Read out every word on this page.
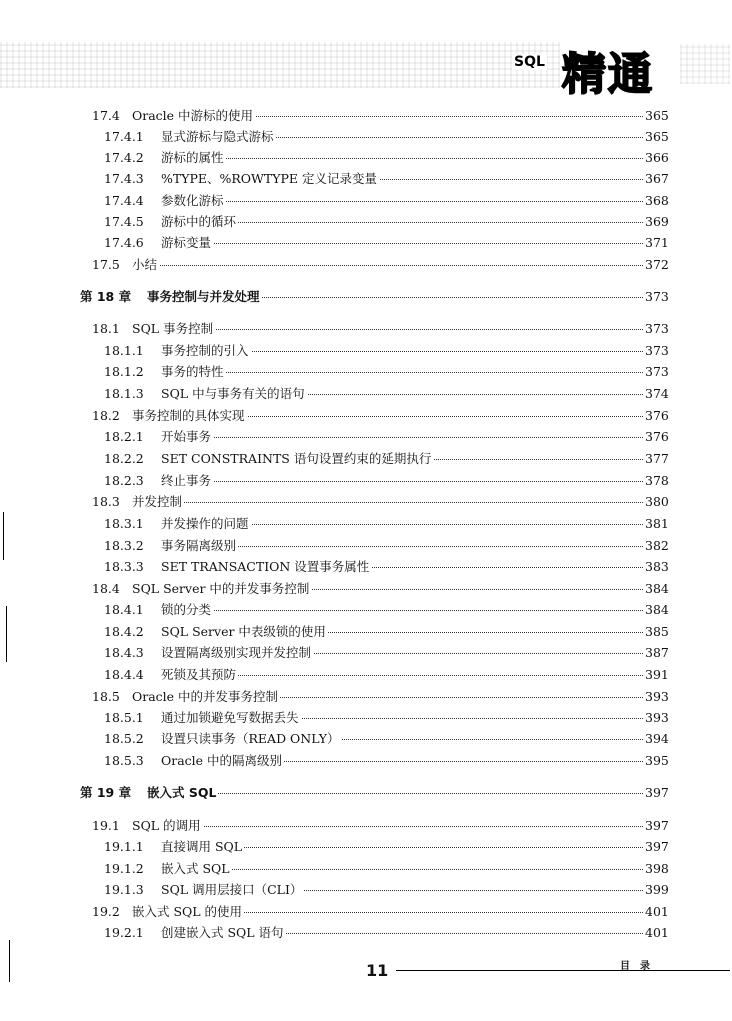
SQL 精通
17.4 Oracle 中游标的使用	365
17.4.1 显式游标与隐式游标	365
17.4.2 游标的属性	366
17.4.3 %TYPE、%ROWTYPE 定义记录变量	367
17.4.4 参数化游标	368
17.4.5 游标中的循环	369
17.4.6 游标变量	371
17.5 小结	372
第 18 章 事务控制与并发处理	373
18.1 SQL 事务控制	373
18.1.1 事务控制的引入	373
18.1.2 事务的特性	373
18.1.3 SQL 中与事务有关的语句	374
18.2 事务控制的具体实现	376
18.2.1 开始事务	376
18.2.2 SET CONSTRAINTS 语句设置约束的延期执行	377
18.2.3 终止事务	378
18.3 并发控制	380
18.3.1 并发操作的问题	381
18.3.2 事务隔离级别	382
18.3.3 SET TRANSACTION 设置事务属性	383
18.4 SQL Server 中的并发事务控制	384
18.4.1 锁的分类	384
18.4.2 SQL Server 中表级锁的使用	385
18.4.3 设置隔离级别实现并发控制	387
18.4.4 死锁及其预防	391
18.5 Oracle 中的并发事务控制	393
18.5.1 通过加锁避免写数据丢失	393
18.5.2 设置只读事务（READ ONLY）	394
18.5.3 Oracle 中的隔离级别	395
第 19 章 嵌入式 SQL	397
19.1 SQL 的调用	397
19.1.1 直接调用 SQL	397
19.1.2 嵌入式 SQL	398
19.1.3 SQL 调用层接口（CLI）	399
19.2 嵌入式 SQL 的使用	401
19.2.1 创建嵌入式 SQL 语句	401
11	目录
